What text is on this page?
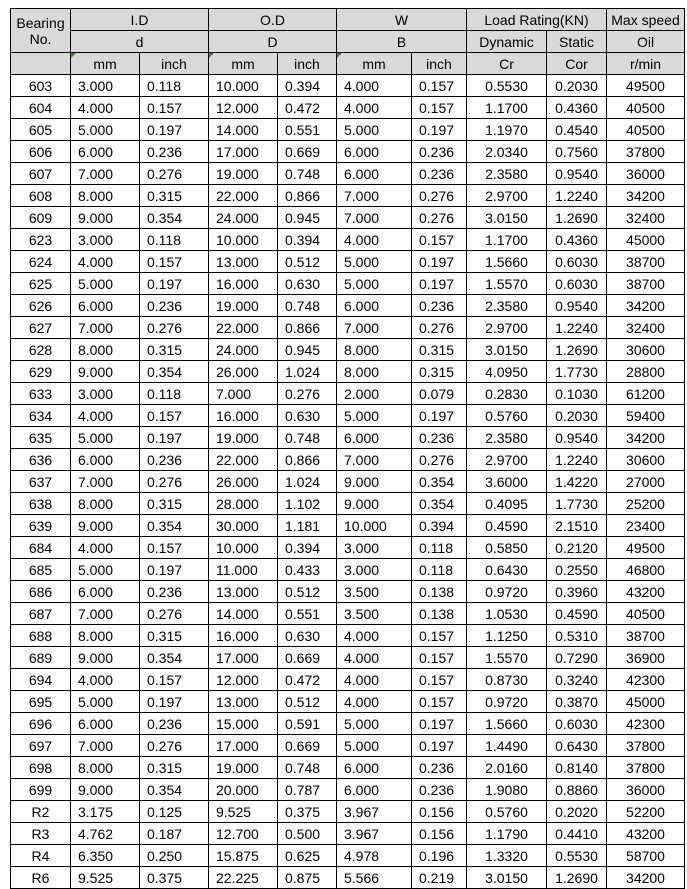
Bearing
No.	I.D		O.D		W		Load Rating(KN)		Max speed
	d		D		B		Dynamic	Static	Oil
	mm	inch	mm	inch	mm	inch	Cr	Cor	r/min
603	3.000	0.118	10.000	0.394	4.000	0.157	0.5530	0.2030	49500
604	4.000	0.157	12.000	0.472	4.000	0.157	1.1700	0.4360	40500
605	5.000	0.197	14.000	0.551	5.000	0.197	1.1970	0.4540	40500
606	6.000	0.236	17.000	0.669	6.000	0.236	2.0340	0.7560	37800
607	7.000	0.276	19.000	0.748	6.000	0.236	2.3580	0.9540	36000
608	8.000	0.315	22.000	0.866	7.000	0.276	2.9700	1.2240	34200
609	9.000	0.354	24.000	0.945	7.000	0.276	3.0150	1.2690	32400
623	3.000	0.118	10.000	0.394	4.000	0.157	1.1700	0.4360	45000
624	4.000	0.157	13.000	0.512	5.000	0.197	1.5660	0.6030	38700
625	5.000	0.197	16.000	0.630	5.000	0.197	1.5570	0.6030	38700
626	6.000	0.236	19.000	0.748	6.000	0.236	2.3580	0.9540	34200
627	7.000	0.276	22.000	0.866	7.000	0.276	2.9700	1.2240	32400
628	8.000	0.315	24.000	0.945	8.000	0.315	3.0150	1.2690	30600
629	9.000	0.354	26.000	1.024	8.000	0.315	4.0950	1.7730	28800
633	3.000	0.118	7.000	0.276	2.000	0.079	0.2830	0.1030	61200
634	4.000	0.157	16.000	0.630	5.000	0.197	0.5760	0.2030	59400
635	5.000	0.197	19.000	0.748	6.000	0.236	2.3580	0.9540	34200
636	6.000	0.236	22.000	0.866	7.000	0.276	2.9700	1.2240	30600
637	7.000	0.276	26.000	1.024	9.000	0.354	3.6000	1.4220	27000
638	8.000	0.315	28.000	1.102	9.000	0.354	0.4095	1.7730	25200
639	9.000	0.354	30.000	1.181	10.000	0.394	0.4590	2.1510	23400
684	4.000	0.157	10.000	0.394	3.000	0.118	0.5850	0.2120	49500
685	5.000	0.197	11.000	0.433	3.000	0.118	0.6430	0.2550	46800
686	6.000	0.236	13.000	0.512	3.500	0.138	0.9720	0.3960	43200
687	7.000	0.276	14.000	0.551	3.500	0.138	1.0530	0.4590	40500
688	8.000	0.315	16.000	0.630	4.000	0.157	1.1250	0.5310	38700
689	9.000	0.354	17.000	0.669	4.000	0.157	1.5570	0.7290	36900
694	4.000	0.157	12.000	0.472	4.000	0.157	0.8730	0.3240	42300
695	5.000	0.197	13.000	0.512	4.000	0.157	0.9720	0.3870	45000
696	6.000	0.236	15.000	0.591	5.000	0.197	1.5660	0.6030	42300
697	7.000	0.276	17.000	0.669	5.000	0.197	1.4490	0.6430	37800
698	8.000	0.315	19.000	0.748	6.000	0.236	2.0160	0.8140	37800
699	9.000	0.354	20.000	0.787	6.000	0.236	1.9080	0.8860	36000
R2	3.175	0.125	9.525	0.375	3.967	0.156	0.5760	0.2020	52200
R3	4.762	0.187	12.700	0.500	3.967	0.156	1.1790	0.4410	43200
R4	6.350	0.250	15.875	0.625	4.978	0.196	1.3320	0.5530	58700
R6	9.525	0.375	22.225	0.875	5.566	0.219	3.0150	1.2690	34200
